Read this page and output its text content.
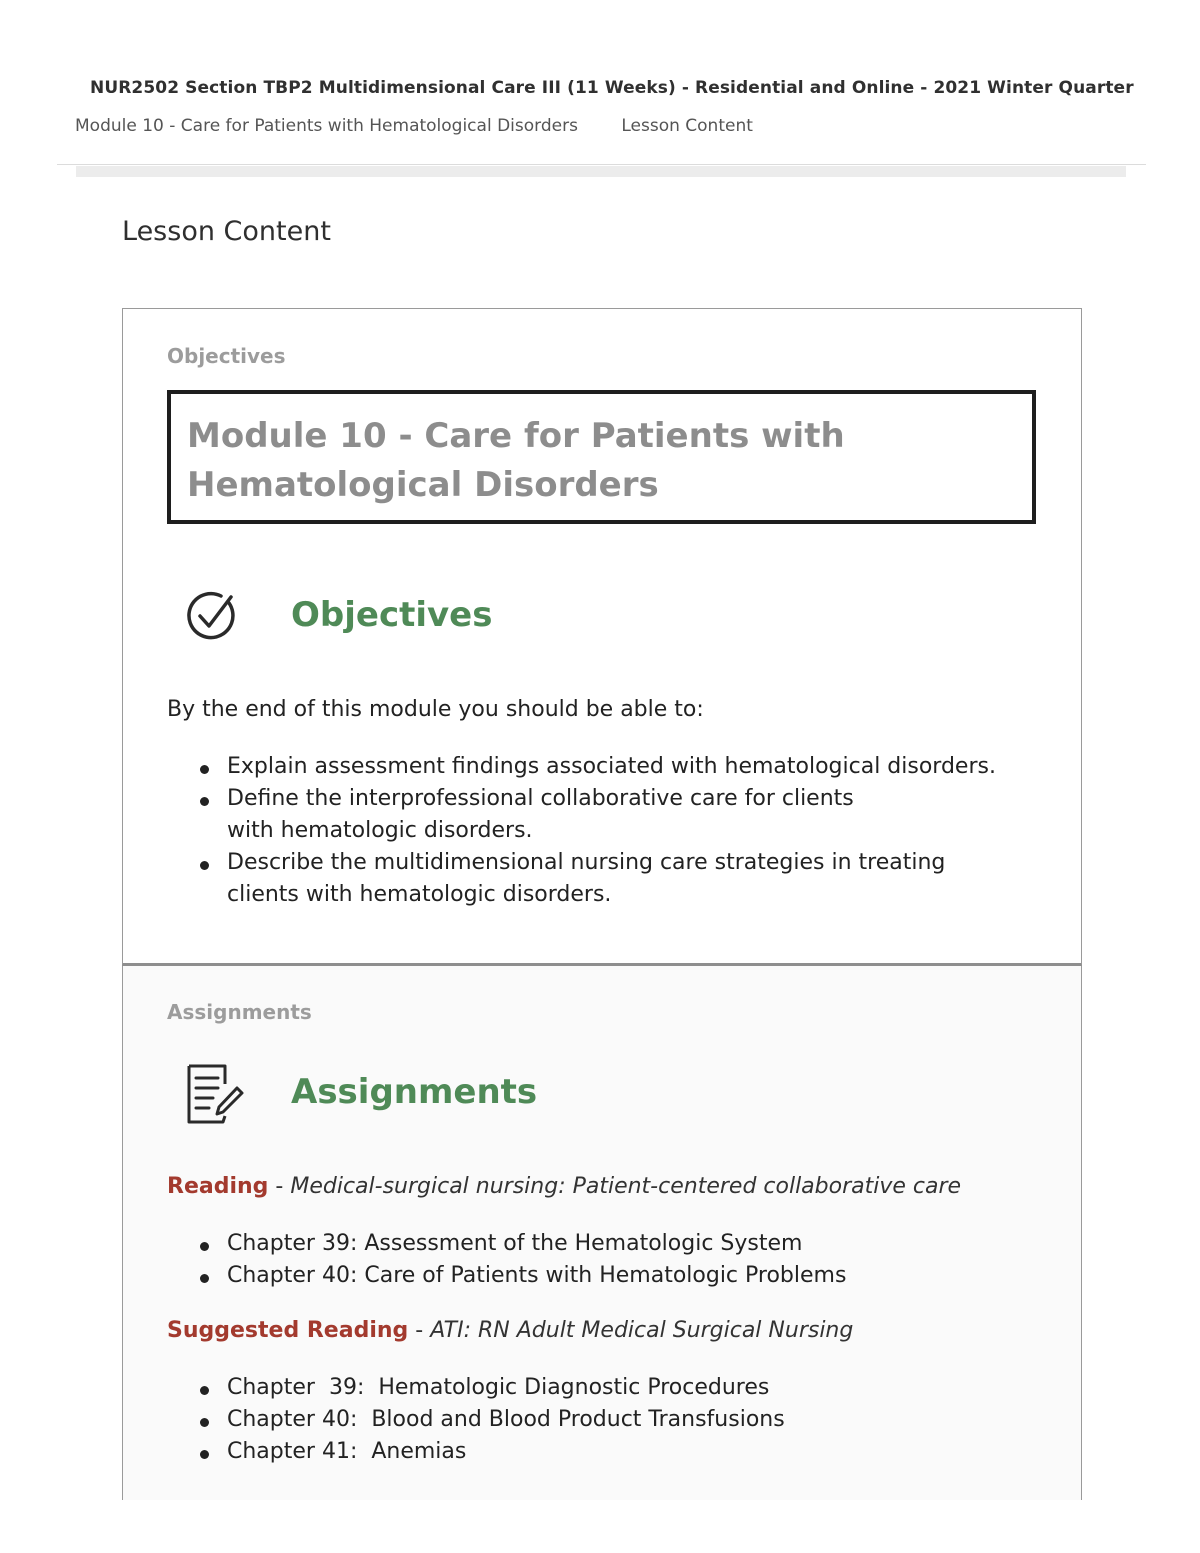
NUR2502 Section TBP2 Multidimensional Care III (11 Weeks) - Residential and Online - 2021 Winter Quarter
Module 10 - Care for Patients with Hematological Disorders	Lesson Content
Lesson Content
Objectives
Module 10 - Care for Patients with
Hematological Disorders
Objectives

By the end of this module you should be able to:

Explain assessment findings associated with hematological disorders.
Define the interprofessional collaborative care for clients with hematologic disorders.
Describe the multidimensional nursing care strategies in treating clients with hematologic disorders.
Assignments
Assignments
Reading - Medical-surgical nursing: Patient-centered collaborative care
Chapter 39: Assessment of the Hematologic System
Chapter 40: Care of Patients with Hematologic Problems
Suggested Reading - ATI: RN Adult Medical Surgical Nursing
Chapter  39:  Hematologic Diagnostic Procedures
Chapter 40:  Blood and Blood Product Transfusions
Chapter 41:  Anemias
